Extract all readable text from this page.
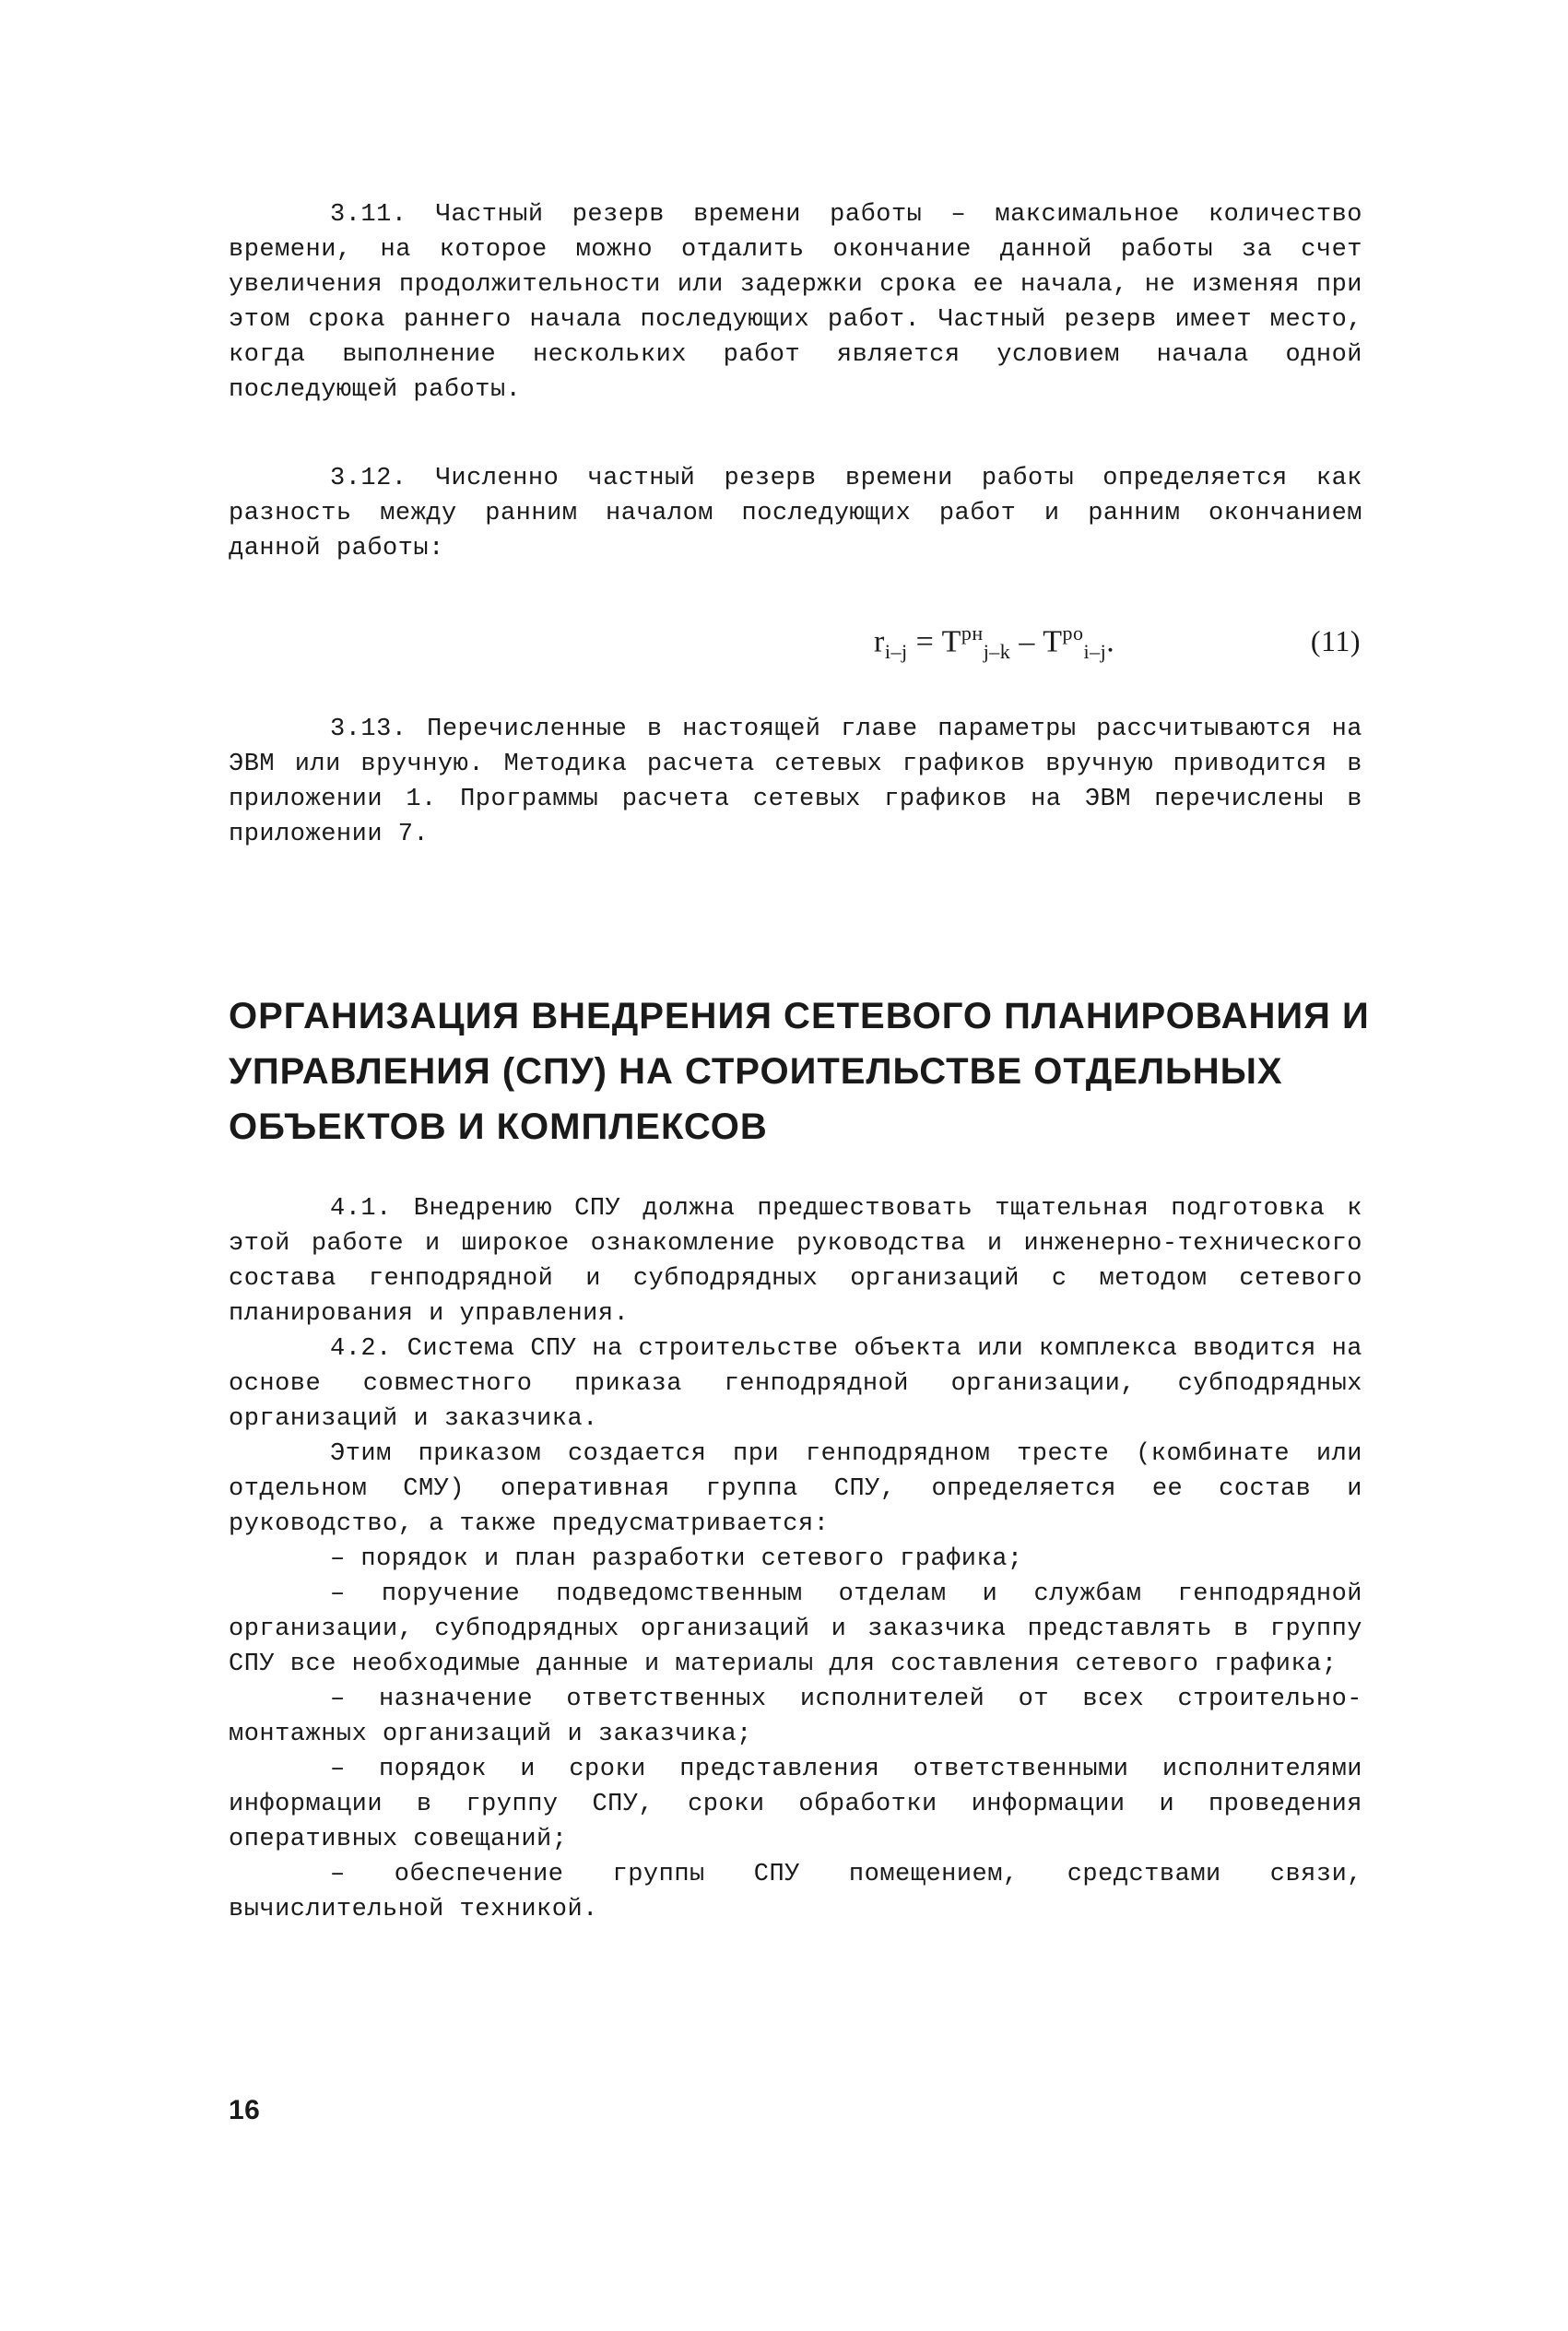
3.11. Частный резерв времени работы – максимальное количество времени, на которое можно отдалить окончание данной работы за счет увеличения продолжительности или задержки срока ее начала, не изменяя при этом срока раннего начала последующих работ. Частный резерв имеет место, когда выполнение нескольких работ является условием начала одной последующей работы.

3.12. Численно частный резерв времени работы определяется как разность между ранним началом последующих работ и ранним окончанием данной работы:

$r_{i-j} = T^{рн}_{j-k} - T^{ро}_{i-j}$.	(11)

3.13. Перечисленные в настоящей главе параметры рассчитываются на ЭВМ или вручную. Методика расчета сетевых графиков вручную приводится в приложении 1. Программы расчета сетевых графиков на ЭВМ перечислены в приложении 7.

ОРГАНИЗАЦИЯ ВНЕДРЕНИЯ СЕТЕВОГО ПЛАНИРОВАНИЯ И УПРАВЛЕНИЯ (СПУ) НА СТРОИТЕЛЬСТВЕ ОТДЕЛЬНЫХ ОБЪЕКТОВ И КОМПЛЕКСОВ

4.1. Внедрению СПУ должна предшествовать тщательная подготовка к этой работе и широкое ознакомление руководства и инженерно-технического состава генподрядной и субподрядных организаций с методом сетевого планирования и управления.

4.2. Система СПУ на строительстве объекта или комплекса вводится на основе совместного приказа генподрядной организации, субподрядных организаций и заказчика.

Этим приказом создается при генподрядном тресте (комбинате или отдельном СМУ) оперативная группа СПУ, определяется ее состав и руководство, а также предусматривается:

– порядок и план разработки сетевого графика;

– поручение подведомственным отделам и службам генподрядной организации, субподрядных организаций и заказчика представлять в группу СПУ все необходимые данные и материалы для составления сетевого графика;

– назначение ответственных исполнителей от всех строительно-монтажных организаций и заказчика;

– порядок и сроки представления ответственными исполнителями информации в группу СПУ, сроки обработки информации и проведения оперативных совещаний;

– обеспечение группы СПУ помещением, средствами связи, вычислительной техникой.

16
